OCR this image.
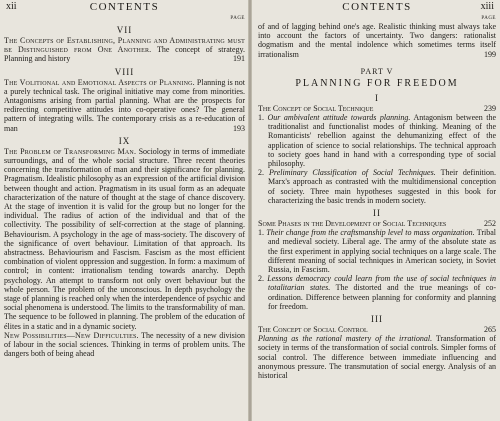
xii	CONTENTS
PAGE
VII
The Concepts of Establishing, Planning and Administrating must be Distinguished from One Another. The concept of strategy. Planning and history	191
VIII
The Volitional and Emotional Aspects of Planning. Planning is not a purely technical task. The original initiative may come from minorities. Antagonisms arising from partial planning. What are the prospects for redirecting competitive attitudes into co-operative ones? The general pattern of integrating wills. The contemporary crisis as a re-education of man	193
IX
The Problem of Transforming Man. Sociology in terms of immediate surroundings, and of the whole social structure. Three recent theories concerning the transformation of man and their significance for planning. Pragmatism. Idealistic philosophy as an expression of the artificial division between thought and action. Pragmatism in its usual form as an adequate characterization of the nature of thought at the stage of chance discovery. At the stage of invention it is valid for the group but no longer for the individual. The radius of action of the individual and that of the collectivity. The possibility of self-correction at the stage of planning. Behaviourism. A psychology in the age of mass-society. The discovery of the significance of overt behaviour. Limitation of that approach. Its abstractness. Behaviourism and Fascism. Fascism as the most efficient combination of violent oppression and suggestion. In form: a maximum of control; in content: irrationalism tending towards anarchy. Depth psychology. An attempt to transform not only overt behaviour but the whole person. The problem of the unconscious. In depth psychology the stage of planning is reached only when the interdependence of psychic and social phenomena is understood. The limits to the transformability of man. The sequence to be followed in planning. The problem of the education of élites in a static and in a dynamic society.
New Possibilities—New Difficulties. The necessity of a new division of labour in the social sciences. Thinking in terms of problem units. The dangers both of being ahead
CONTENTS	xiii
PAGE
of and of lagging behind one's age. Realistic thinking must always take into account the factors of uncertainty. Two dangers: rationalist dogmatism and the mental indolence which sometimes terms itself irrationalism	199
PART V
PLANNING FOR FREEDOM
I
The Concept of Social Technique	239
1. Our ambivalent attitude towards planning. Antagonism between the traditionalist and functionalist modes of thinking. Meaning of the Romanticists' rebellion against the dehumanizing effect of the application of science to social relationships. The technical approach to society goes hand in hand with a corresponding type of social philosophy.
2. Preliminary Classification of Social Techniques. Their definition. Marx's approach as contrasted with the multidimensional conception of society. Three main hypotheses suggested in this book for characterizing the basic trends in modern society.
II
Some Phases in the Development of Social Techniques	252
1. Their change from the craftsmanship level to mass organization. Tribal and medieval society. Liberal age. The army of the absolute state as the first experiment in applying social techniques on a large scale. The different meaning of social techniques in American society, in Soviet Russia, in Fascism.
2. Lessons democracy could learn from the use of social techniques in totalitarian states. The distorted and the true meanings of co-ordination. Difference between planning for conformity and planning for freedom.
III
The Concept of Social Control	265
Planning as the rational mastery of the irrational. Transformation of society in terms of the transformation of social controls. Simpler forms of social control. The difference between immediate influencing and anonymous pressure. The transmutation of social energy. Analysis of an historical
